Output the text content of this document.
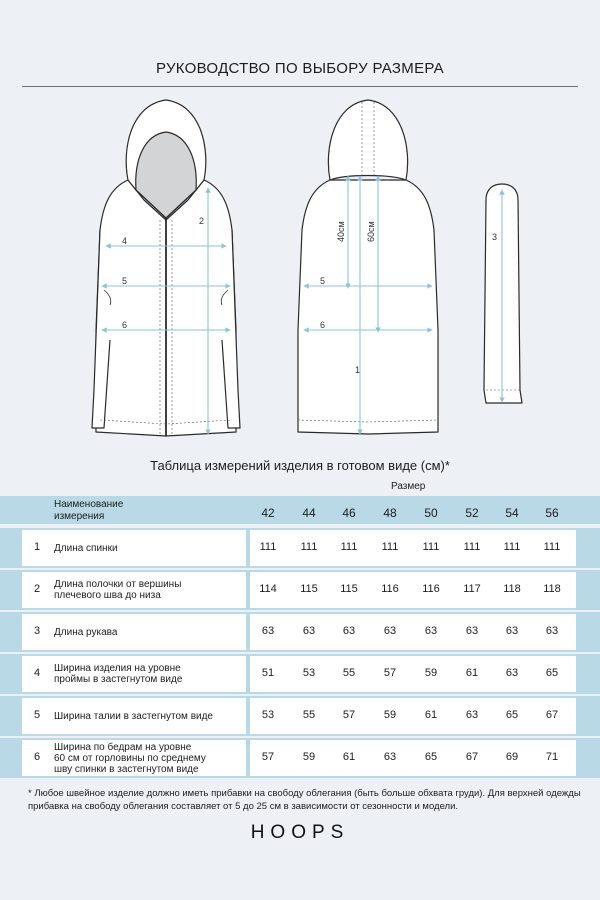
РУКОВОДСТВО ПО ВЫБОРУ РАЗМЕРА
2
4
5
6
40см 60см
5
6
1
3
Таблица измерений изделия в готовом виде (см)*
Размер
Наименование
измерения	42	44	46	48	50	52	54	56
1	Длина спинки	111	111	111	111	111	111	111	111
2	Длина полочки от вершины
плечевого шва до низа
114	115	115	116	116	117	118	118
3	Длина рукава	63	63	63	63	63	63	63	63
4	Ширина изделия на уровне
проймы в застегнутом виде
51	53	55	57	59	61	63	65
5	Ширина талии в застегнутом виде	53	55	57	59	61	63	65	67
6
Ширина по бедрам на уровне
60 см от горловины по среднему
шву спинки в застегнутом виде
57	59	61	63	65	67	69	71
* Любое швейное изделие должно иметь прибавки на свободу облегания (быть больше обхвата груди). Для верхней одежды прибавка на свободу облегания составляет от 5 до 25 см в зависимости от сезонности и модели.
HOOPS
